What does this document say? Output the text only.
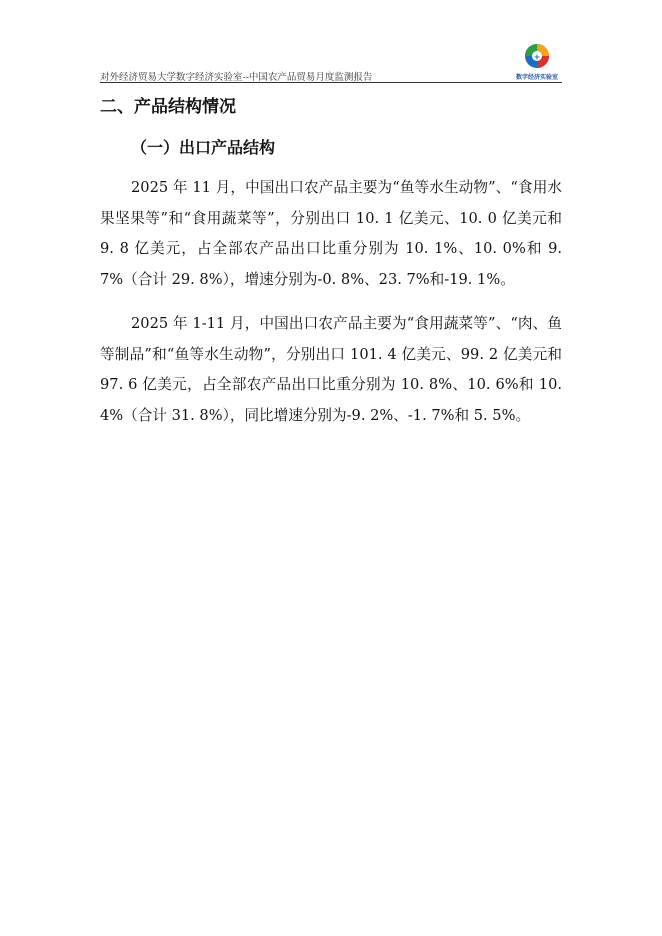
对外经济贸易大学数字经济实验室--中国农产品贸易月度监测报告
+
数字经济实验室
二、产品结构情况
（一）出口产品结构

2025 年 11 月，中国出口农产品主要为“鱼等水生动物”、“食用水果坚果等”和“食用蔬菜等”，分别出口 10. 1 亿美元、10. 0 亿美元和 9. 8 亿美元，占全部农产品出口比重分别为 10. 1%、10. 0%和 9. 7%（合计 29. 8%），增速分别为-0. 8%、23. 7%和-19. 1%。

2025 年 1-11 月，中国出口农产品主要为“食用蔬菜等”、“肉、鱼等制品”和“鱼等水生动物”，分别出口 101. 4 亿美元、99. 2 亿美元和 97. 6 亿美元，占全部农产品出口比重分别为 10. 8%、10. 6%和 10. 4%（合计 31. 8%），同比增速分别为-9. 2%、-1. 7%和 5. 5%。
